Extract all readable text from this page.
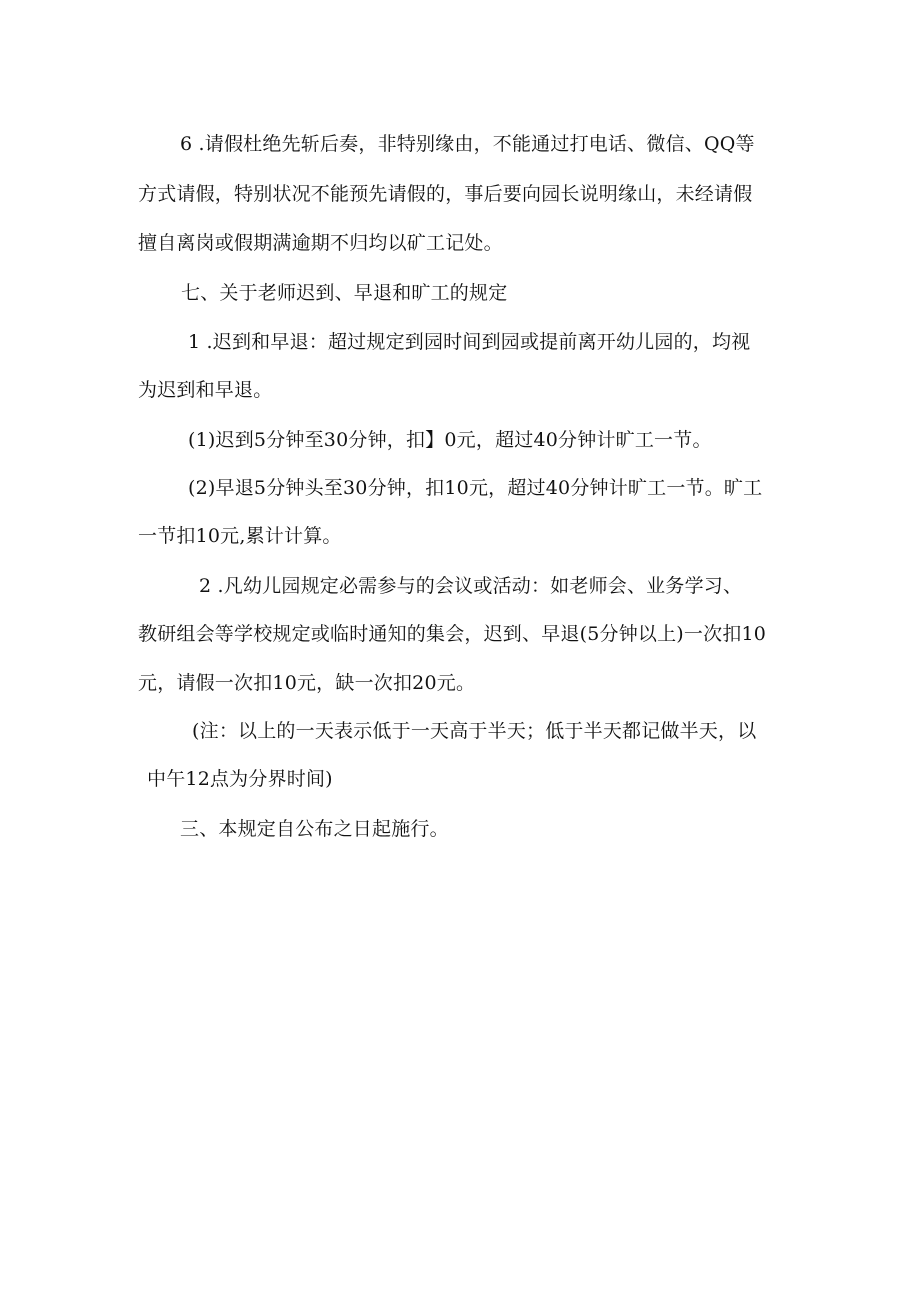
6 .请假杜绝先斩后奏，非特别缘由，不能通过打电话、微信、QQ等
方式请假，特别状况不能预先请假的，事后要向园长说明缘山，未经请假
擅自离岗或假期满逾期不归均以矿工记处。
七、关于老师迟到、早退和旷工的规定
1 .迟到和早退：超过规定到园时间到园或提前离开幼儿园的，均视
为迟到和早退。
(1)迟到5分钟至30分钟，扣】0元，超过40分钟计旷工一节。
(2)早退5分钟头至30分钟，扣10元，超过40分钟计旷工一节。旷工
一节扣10元,累计计算。
2 .凡幼儿园规定必需参与的会议或活动：如老师会、业务学习、
教研组会等学校规定或临时通知的集会，迟到、早退(5分钟以上)一次扣10
元，请假一次扣10元，缺一次扣20元。
(注：以上的一天表示低于一天高于半天；低于半天都记做半天，以
中午12点为分界时间)
三、本规定自公布之日起施行。
